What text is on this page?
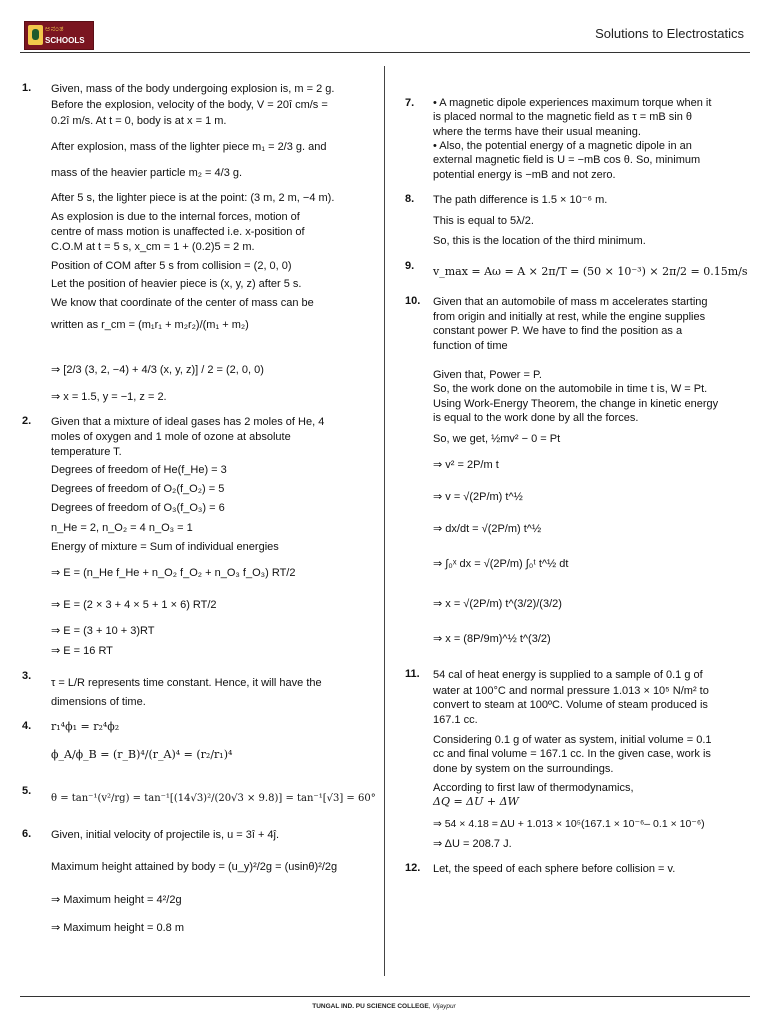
ಅನಂತ
SCHOOLS	Solutions to Electrostatics
1. Given, mass of the body undergoing explosion is, m = 2 g.
Before the explosion, velocity of the body, V = 20î cm/s =
0.2î m/s. At t = 0, body is at x = 1 m.
After explosion, mass of the lighter piece m₁ = 2/3 g. and
mass of the heavier particle m₂ = 4/3 g.
After 5 s, the lighter piece is at the point: (3 m, 2 m, −4 m).
As explosion is due to the internal forces, motion of
centre of mass motion is unaffected i.e. x-position of
C.O.M at t = 5 s, x_cm = 1 + (0.2)5 = 2 m.
Position of COM after 5 s from collision = (2, 0, 0)
Let the position of heavier piece is (x, y, z) after 5 s.
We know that coordinate of the center of mass can be
written as r_cm = (m₁r₁ + m₂r₂)/(m₁ + m₂)
⇒ [2/3 (3, 2, −4) + 4/3 (x, y, z)] / 2 = (2, 0, 0)
⇒ x = 1.5, y = −1, z = 2.
2. Given that a mixture of ideal gases has 2 moles of He, 4
moles of oxygen and 1 mole of ozone at absolute
temperature T.
Degrees of freedom of He(f_He) = 3
Degrees of freedom of O₂(f_O₂) = 5
Degrees of freedom of O₃(f_O₃) = 6
n_He = 2, n_O₂ = 4 n_O₃ = 1
Energy of mixture = Sum of individual energies
⇒ E = (n_He f_He + n_O₂ f_O₂ + n_O₃ f_O₃) RT/2
⇒ E = (2 × 3 + 4 × 5 + 1 × 6) RT/2
⇒ E = (3 + 10 + 3)RT
⇒ E = 16 RT
3.
τ = L/R represents time constant. Hence, it will have the
dimensions of time.
4. r₁⁴ϕ₁ = r₂⁴ϕ₂
ϕ_A/ϕ_B = (r_B)⁴/(r_A)⁴ = (r₂/r₁)⁴
5.
θ = tan⁻¹(v²/rg) = tan⁻¹[(14√3)²/(20√3 × 9.8)] = tan⁻¹[√3] = 60°
6. Given, initial velocity of projectile is, u = 3î + 4ĵ.
Maximum height attained by body = (u_y)²/2g = (usinθ)²/2g
⇒ Maximum height = 4²/2g
⇒ Maximum height = 0.8 m
7. • A magnetic dipole experiences maximum torque when it
is placed normal to the magnetic field as τ = mB sin θ
where the terms have their usual meaning.
• Also, the potential energy of a magnetic dipole in an
external magnetic field is U = −mB cos θ. So, minimum
potential energy is −mB and not zero.
8. The path difference is 1.5 × 10⁻⁶ m.
This is equal to 5λ/2.
So, this is the location of the third minimum.
9. v_max = Aω = A × 2π/T = (50 × 10⁻³) × 2π/2 = 0.15m/s
10. Given that an automobile of mass m accelerates starting
from origin and initially at rest, while the engine supplies
constant power P. We have to find the position as a
function of time
Given that, Power = P.
So, the work done on the automobile in time t is, W = Pt.
Using Work-Energy Theorem, the change in kinetic energy
is equal to the work done by all the forces.
So, we get, ½mv² − 0 = Pt
⇒ v² = 2P/m t
⇒ v = √(2P/m) t^½
⇒ dx/dt = √(2P/m) t^½
⇒ ∫₀ˣ dx = √(2P/m) ∫₀ᵗ t^½ dt
⇒ x = √(2P/m) t^(3/2)/(3/2)
⇒ x = (8P/9m)^½ t^(3/2)
11. 54 cal of heat energy is supplied to a sample of 0.1 g of
water at 100°C and normal pressure 1.013 × 10⁵ N/m² to
convert to steam at 100ºC. Volume of steam produced is
167.1 cc.
Considering 0.1 g of water as system, initial volume = 0.1
cc and final volume = 167.1 cc. In the given case, work is
done by system on the surroundings.
According to first law of thermodynamics,
ΔQ = ΔU + ΔW
⇒ 54 × 4.18 = ΔU + 1.013 × 10⁵(167.1 × 10⁻⁶– 0.1 × 10⁻⁶)
⇒ ΔU = 208.7 J.
12. Let, the speed of each sphere before collision = v.
TUNGAL IND. PU SCIENCE COLLEGE, Vijaypur
